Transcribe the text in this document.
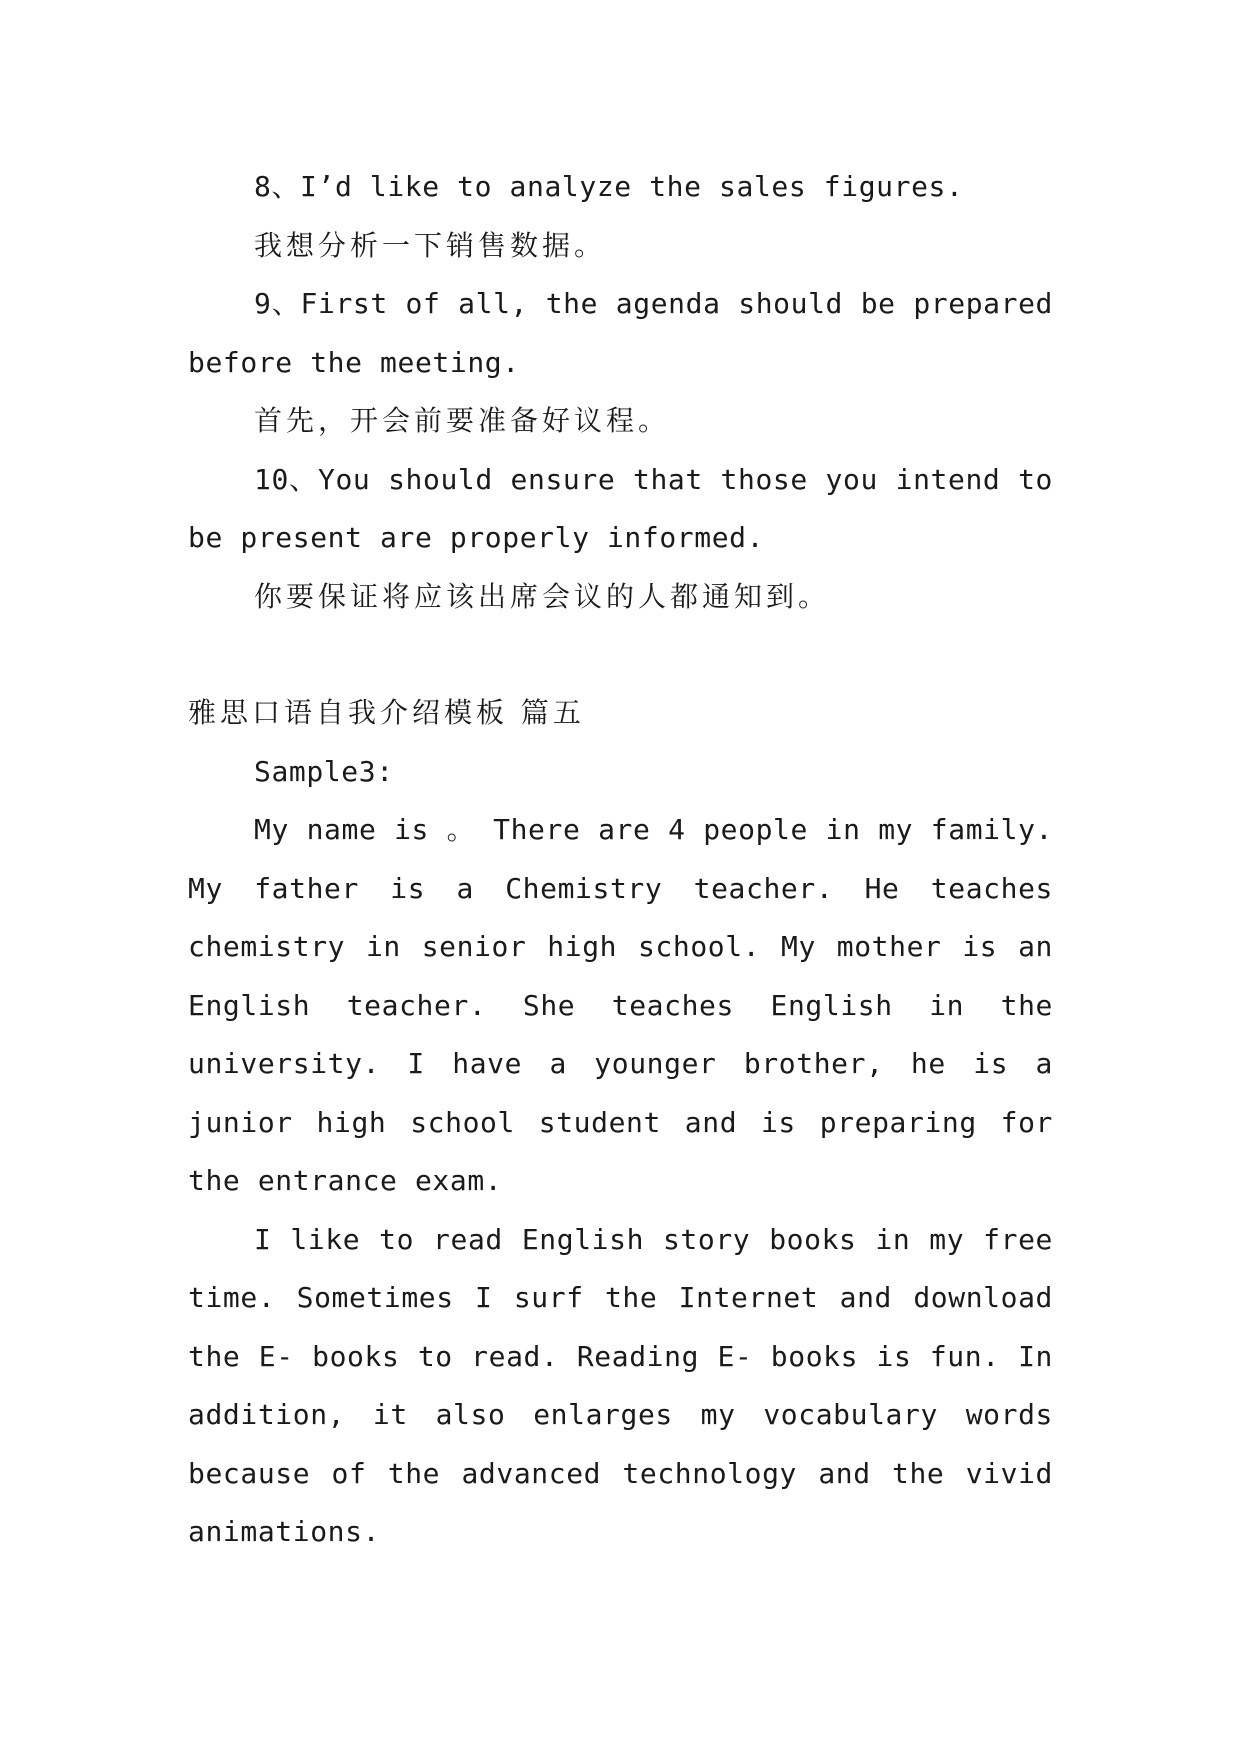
8、I’d like to analyze the sales figures.

我想分析一下销售数据。

9、First of all, the agenda should be prepared before the meeting.

首先，开会前要准备好议程。

10、You should ensure that those you intend to be present are properly informed.

你要保证将应该出席会议的人都通知到。

雅思口语自我介绍模板 篇五

Sample3:

My name is 。 There are 4 people in my family. My father is a Chemistry teacher. He teaches chemistry in senior high school. My mother is an English teacher. She teaches English in the university. I have a younger brother, he is a junior high school student and is preparing for the entrance exam.

I like to read English story books in my free time. Sometimes I surf the Internet and download the E- books to read. Reading E- books is fun. In addition, it also enlarges my vocabulary words because of the advanced technology and the vivid animations.
